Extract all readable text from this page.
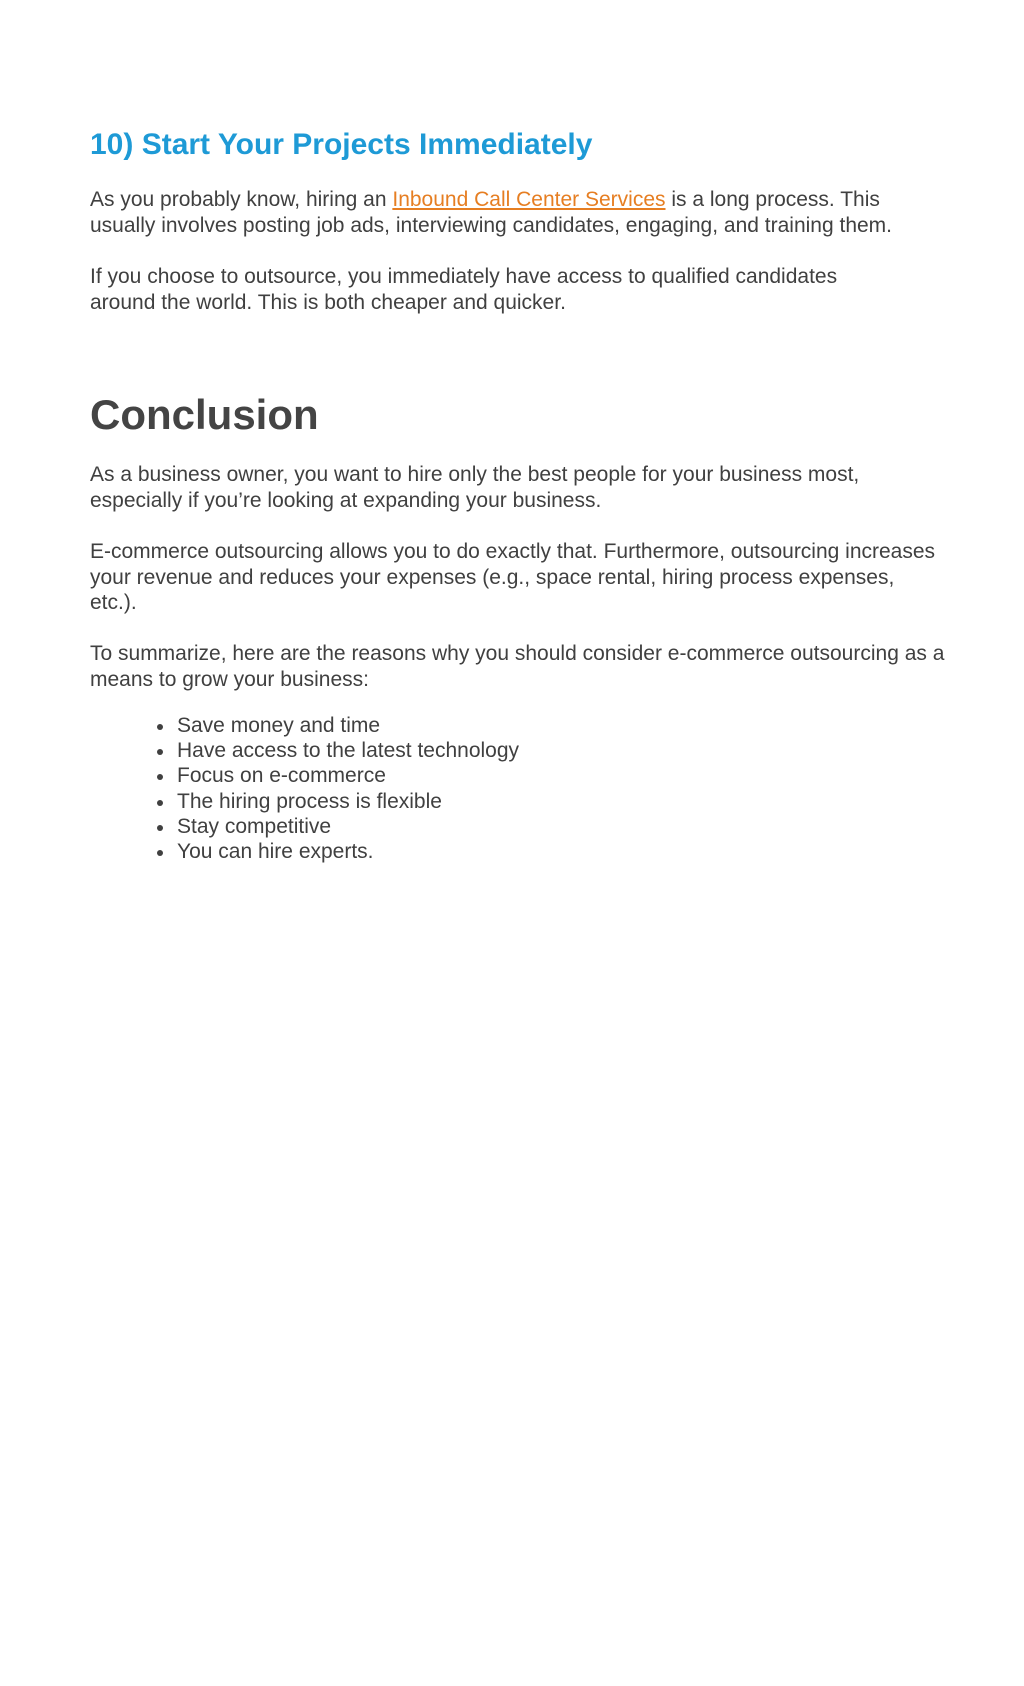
10) Start Your Projects Immediately

As you probably know, hiring an Inbound Call Center Services is a long process. This usually involves posting job ads, interviewing candidates, engaging, and training them.

If you choose to outsource, you immediately have access to qualified candidates around the world. This is both cheaper and quicker.

Conclusion

As a business owner, you want to hire only the best people for your business most, especially if you’re looking at expanding your business.

E-commerce outsourcing allows you to do exactly that. Furthermore, outsourcing increases your revenue and reduces your expenses (e.g., space rental, hiring process expenses, etc.).

To summarize, here are the reasons why you should consider e-commerce outsourcing as a means to grow your business:

Save money and time
Have access to the latest technology
Focus on e-commerce
The hiring process is flexible
Stay competitive
You can hire experts.
